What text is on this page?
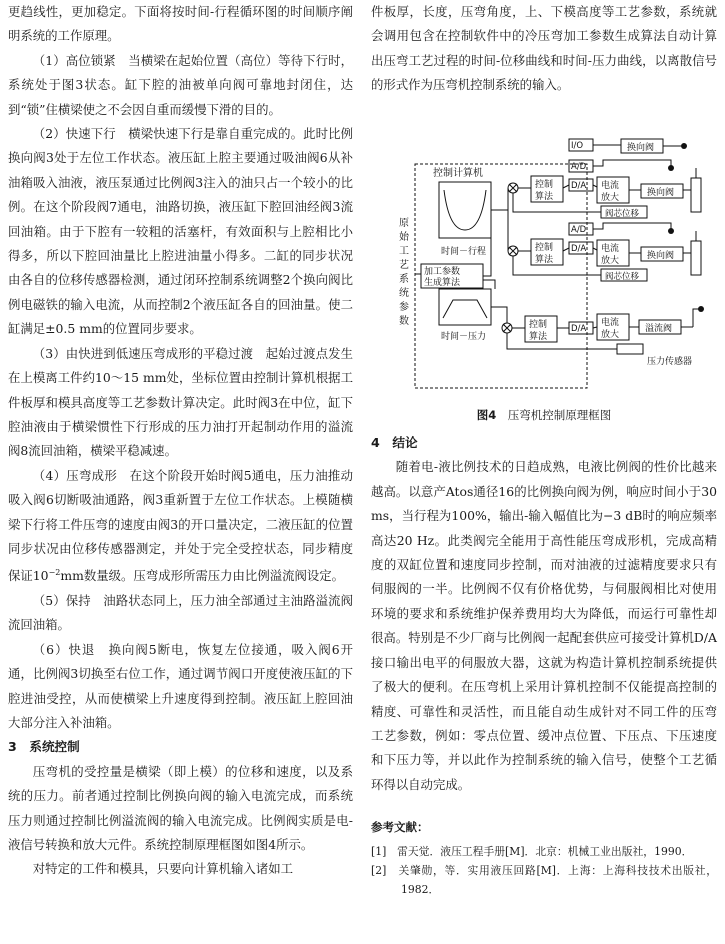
更趋线性，更加稳定。下面将按时间-行程循环图的时间顺序阐明系统的工作原理。

（1）高位锁紧　当横梁在起始位置（高位）等待下行时，系统处于图3状态。缸下腔的油被单向阀可靠地封闭住，达到“锁”住横梁使之不会因自重而缓慢下滑的目的。

（2）快速下行　横梁快速下行是靠自重完成的。此时比例换向阀3处于左位工作状态。液压缸上腔主要通过吸油阀6从补油箱吸入油液，液压泵通过比例阀3注入的油只占一个较小的比例。在这个阶段阀7通电，油路切换，液压缸下腔回油经阀3流回油箱。由于下腔有一较粗的活塞杆，有效面积与上腔相比小得多，所以下腔回油量比上腔进油量小得多。二缸的同步状况由各自的位移传感器检测，通过闭环控制系统调整2个换向阀比例电磁铁的输入电流，从而控制2个液压缸各自的回油量。使二缸满足±0.5 mm的位置同步要求。

（3）由快进到低速压弯成形的平稳过渡　起始过渡点发生在上模离工件约10～15 mm处，坐标位置由控制计算机根据工件板厚和模具高度等工艺参数计算决定。此时阀3在中位，缸下腔油液由于横梁惯性下行形成的压力油打开起制动作用的溢流阀8流回油箱，横梁平稳减速。

（4）压弯成形　在这个阶段开始时阀5通电，压力油推动吸入阀6切断吸油通路，阀3重新置于左位工作状态。上模随横梁下行将工件压弯的速度由阀3的开口量决定，二液压缸的位置同步状况由位移传感器测定，并处于完全受控状态，同步精度保证$10^{-2}mm$数量级。压弯成形所需压力由比例溢流阀设定。

（5）保持　油路状态同上，压力油全部通过主油路溢流阀流回油箱。

（6）快退　换向阀5断电，恢复左位接通，吸入阀6开通，比例阀3切换至右位工作，通过调节阀口开度使液压缸的下腔进油受控，从而使横梁上升速度得到控制。液压缸上腔回油大部分注入补油箱。

3　系统控制

压弯机的受控量是横梁（即上模）的位移和速度，以及系统的压力。前者通过控制比例换向阀的输入电流完成，而系统压力则通过控制比例溢流阀的输入电流完成。比例阀实质是电-液信号转换和放大元件。系统控制原理框图如图4所示。

对特定的工件和模具，只要向计算机输入诸如工

件板厚，长度，压弯角度，上、下模高度等工艺参数，系统就会调用包含在控制软件中的冷压弯加工参数生成算法自动计算出压弯工艺过程的时间-位移曲线和时间-压力曲线，以离散信号的形式作为压弯机控制系统的输入。

控制计算机
I/O
A/D
D/A
A/D
D/A
D/A
控制
算法
控制
算法
控制
算法
电流
放大
电流
放大
电流
放大
换向阀
换向阀
换向阀
溢流阀
阀芯位移
阀芯位移
时间－行程
时间－压力
加工参数
生成算法
压力传感器
原
始
工
艺
系
统
参
数

图4　 压弯机控制原理框图

4　结论

随着电-液比例技术的日趋成熟，电液比例阀的性价比越来越高。以意产Atos通径16的比例换向阀为例，响应时间小于30 ms，当行程为100%，输出-输入幅值比为−3 dB时的响应频率高达20 Hz。此类阀完全能用于高性能压弯成形机，完成高精度的双缸位置和速度同步控制，而对油液的过滤精度要求只有伺服阀的一半。比例阀不仅有价格优势，与伺服阀相比对使用环境的要求和系统维护保养费用均大为降低，而运行可靠性却很高。特别是不少厂商与比例阀一起配套供应可接受计算机D/A接口输出电平的伺服放大器，这就为构造计算机控制系统提供了极大的便利。在压弯机上采用计算机控制不仅能提高控制的精度、可靠性和灵活性，而且能自动生成针对不同工件的压弯工艺参数，例如：零点位置、缓冲点位置、下压点、下压速度和下压力等，并以此作为控制系统的输入信号，使整个工艺循环得以自动完成。

参考文献：

[1]　雷天觉．液压工程手册[M]．北京：机械工业出版社，1990．

[2]　关肇勋，等．实用液压回路[M]．上海：上海科技技术出版社，1982．
